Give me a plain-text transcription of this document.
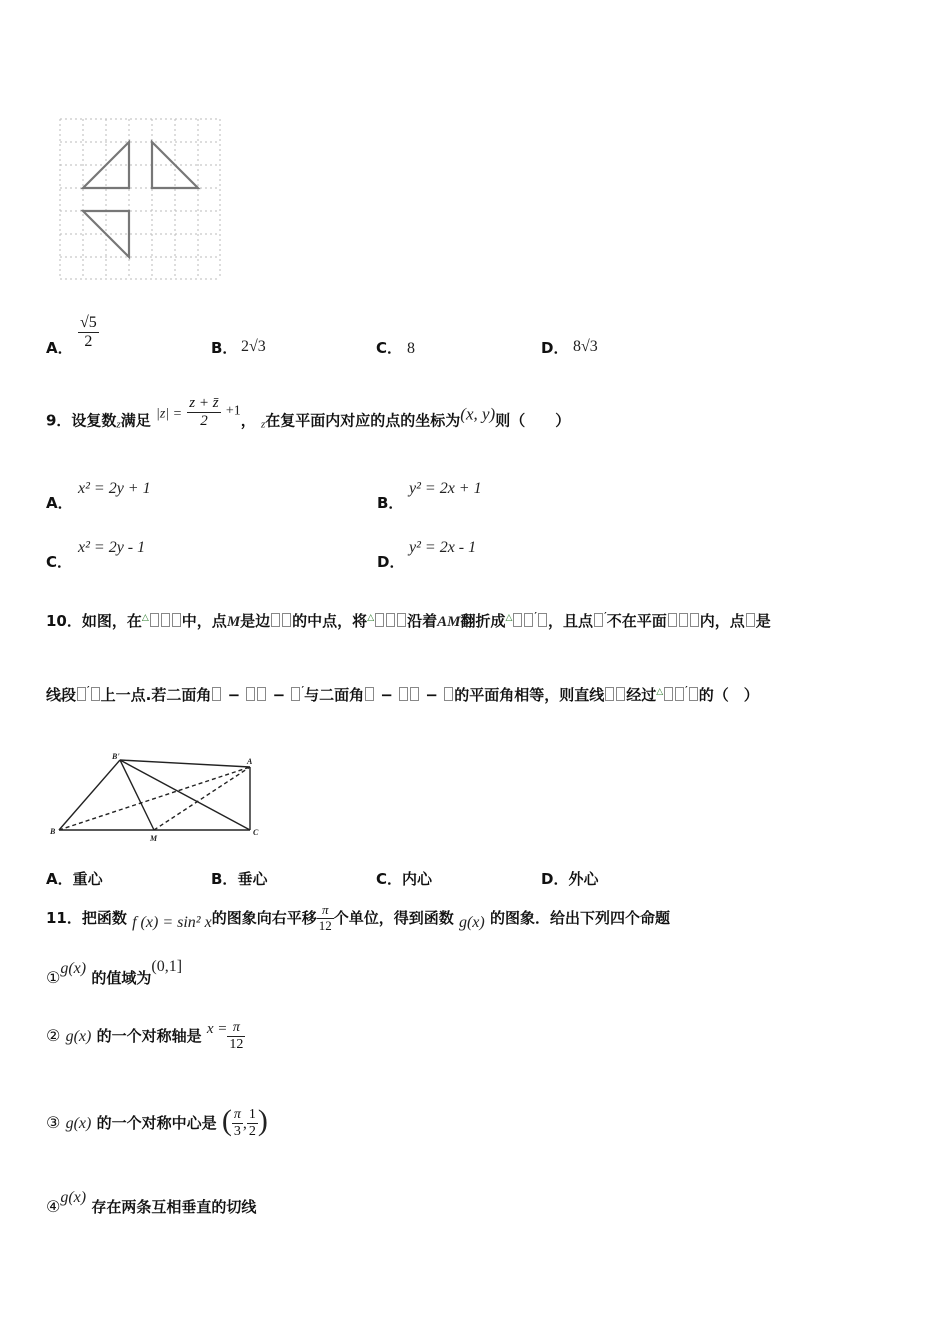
A． $\frac{√5}{2}$	B． 2√3	C． 8	D． 8√3
9．设复数$_z$满足 $|z| = \frac{z + z̄}{2} +1$， $_z$在复平面内对应的点的坐标为(x, y)则（　　）
A．
x² = 2y + 1
B．
y² = 2x + 1
C．
x² = 2y - 1
D．
y² = 2x - 1
10．如图，在△ 中，点M是边 的中点，将△ 沿着AM翻折成△ ′ ，且点 ′不在平面 内，点 是
线段 ′ 上一点.若二面角 − − ′与二面角 − − 的平面角相等，则直线 经过△ ′ 的（　）
B'
A
B
M
C
A．重心	B．垂心	C．内心	D．外心
11．把函数 f (x) = sin² x的图象向右平移 $\frac{\pi}{12}$ 个单位，得到函数 g(x) 的图象．给出下列四个命题
①g(x) 的值域为(0,1]
② g(x) 的一个对称轴是 $x = \frac{\pi}{12}$
③ g(x) 的一个对称中心是 ( $\frac{\pi}{3}$ , $\frac{1}{2}$ )
④g(x) 存在两条互相垂直的切线
